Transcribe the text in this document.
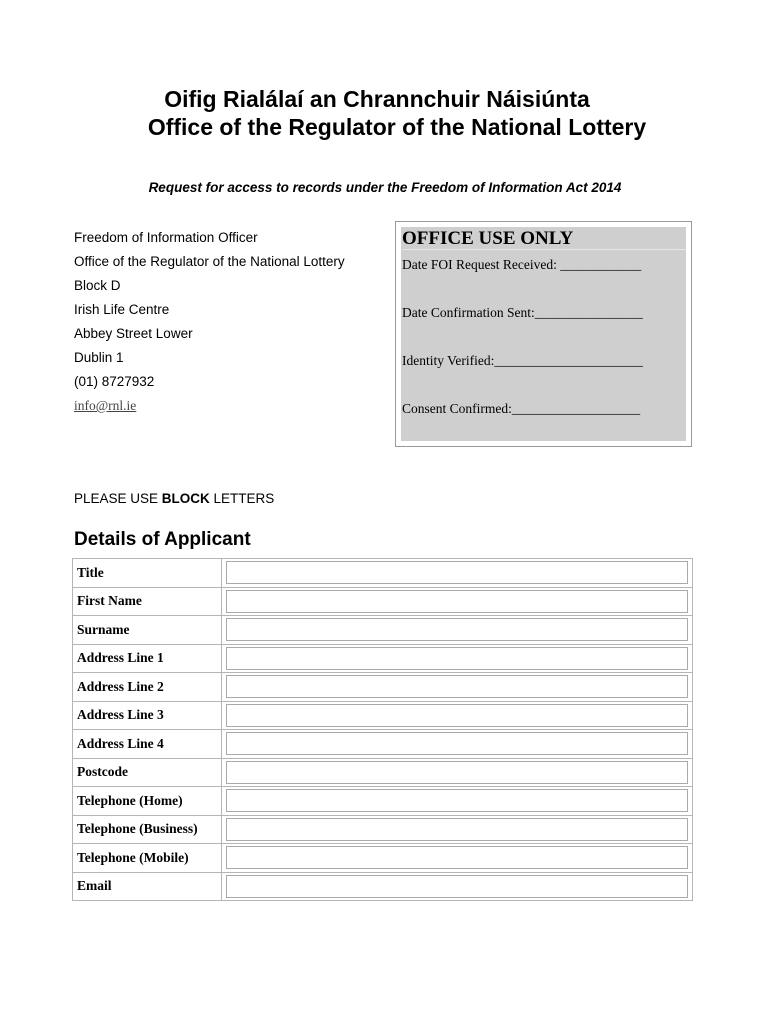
Oifig Rialálaí an Chrannchuir Náisiúnta
Office of the Regulator of the National Lottery
Request for access to records under the Freedom of Information Act 2014
Freedom of Information Officer
Office of the Regulator of the National Lottery
Block D
Irish Life Centre
Abbey Street Lower
Dublin 1
(01) 8727932
info@rnl.ie
OFFICE USE ONLY
Date FOI Request Received: ____________
Date Confirmation Sent:________________
Identity Verified:______________________
Consent Confirmed:___________________
PLEASE USE BLOCK LETTERS
Details of Applicant
Title	

First Name	

Surname	

Address Line 1	

Address Line 2	

Address Line 3	

Address Line 4	

Postcode	

Telephone (Home)	

Telephone (Business)	

Telephone (Mobile)	

Email	
